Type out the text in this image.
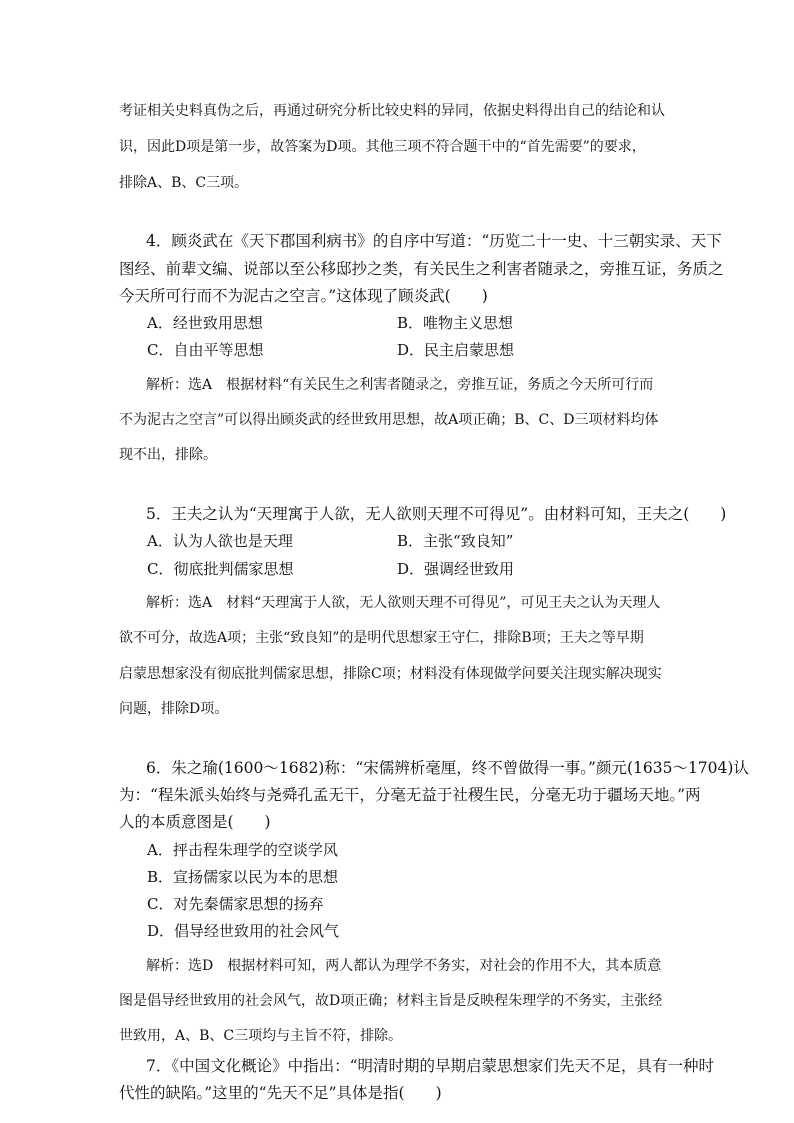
考证相关史料真伪之后，再通过研究分析比较史料的异同，依据史料得出自己的结论和认
识，因此D项是第一步，故答案为D项。其他三项不符合题干中的“首先需要”的要求，
排除A、B、C三项。
4．顾炎武在《天下郡国利病书》的自序中写道：“历览二十一史、十三朝实录、天下
图经、前辈文编、说部以至公移邸抄之类，有关民生之利害者随录之，旁推互证，务质之
今天所可行而不为泥古之空言。”这体现了顾炎武(　　)
A．经世致用思想	B．唯物主义思想
C．自由平等思想	D．民主启蒙思想
解析：选A　根据材料“有关民生之利害者随录之，旁推互证，务质之今天所可行而
不为泥古之空言”可以得出顾炎武的经世致用思想，故A项正确；B、C、D三项材料均体
现不出，排除。
5．王夫之认为“天理寓于人欲，无人欲则天理不可得见”。由材料可知，王夫之(　　)
A．认为人欲也是天理	B．主张“致良知”
C．彻底批判儒家思想	D．强调经世致用
解析：选A　材料“天理寓于人欲，无人欲则天理不可得见”，可见王夫之认为天理人
欲不可分，故选A项；主张“致良知”的是明代思想家王守仁，排除B项；王夫之等早期
启蒙思想家没有彻底批判儒家思想，排除C项；材料没有体现做学问要关注现实解决现实
问题，排除D项。
6．朱之瑜(1600～1682)称：“宋儒辨析毫厘，终不曾做得一事。”颜元(1635～1704)认
为：“程朱派头始终与尧舜孔孟无干，分毫无益于社稷生民，分毫无功于疆场天地。”两
人的本质意图是(　　)
A．抨击程朱理学的空谈学风
B．宣扬儒家以民为本的思想
C．对先秦儒家思想的扬弃
D．倡导经世致用的社会风气
解析：选D　根据材料可知，两人都认为理学不务实，对社会的作用不大，其本质意
图是倡导经世致用的社会风气，故D项正确；材料主旨是反映程朱理学的不务实，主张经
世致用，A、B、C三项均与主旨不符，排除。
7．《中国文化概论》中指出：“明清时期的早期启蒙思想家们先天不足，具有一种时
代性的缺陷。”这里的“先天不足”具体是指(　　)
